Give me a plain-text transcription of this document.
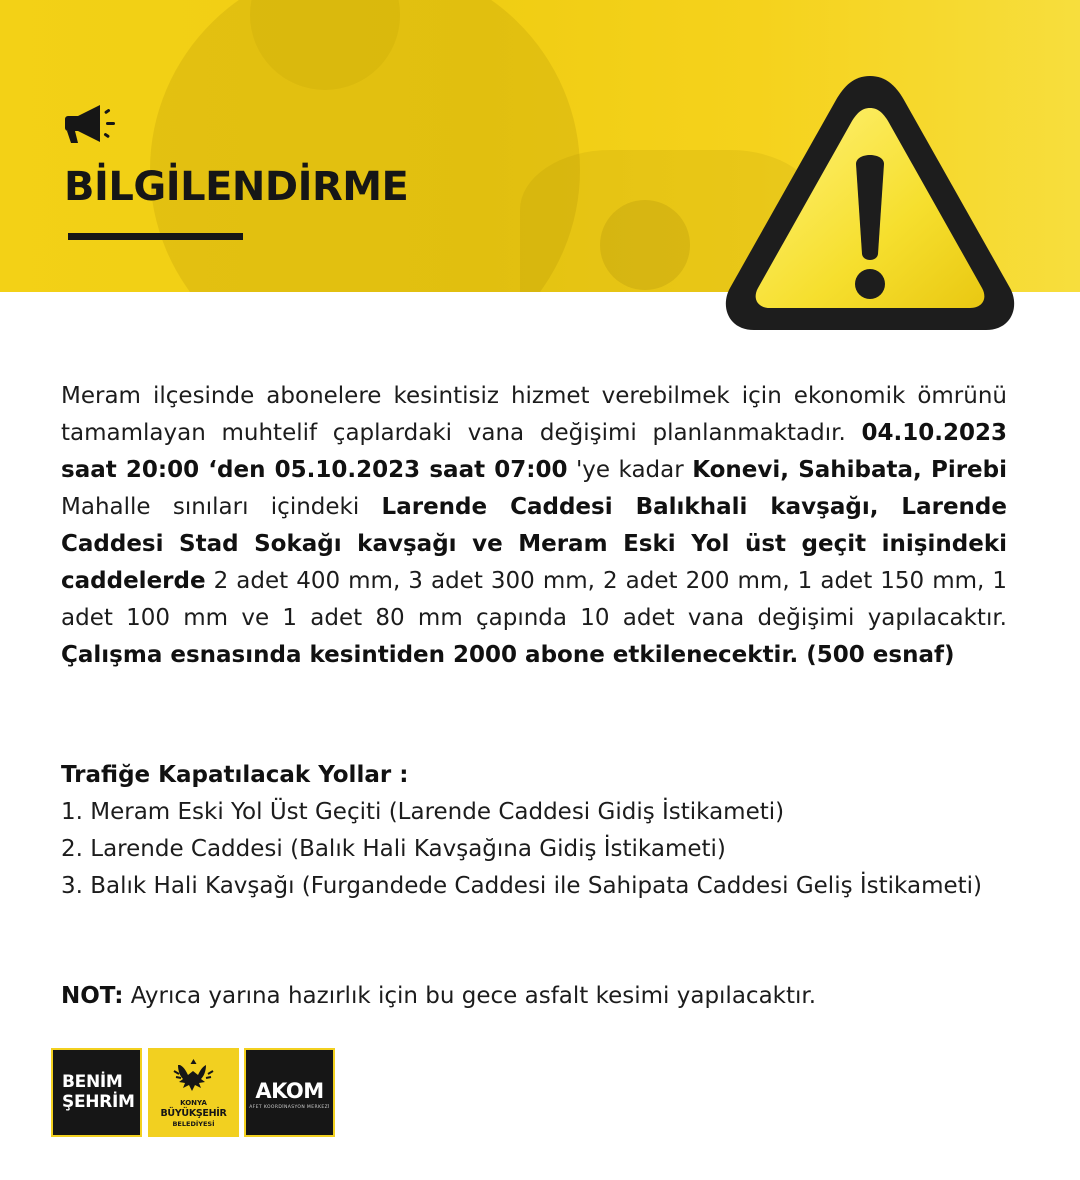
BİLGİLENDİRME

Meram ilçesinde abonelere kesintisiz hizmet verebilmek için ekonomik ömrünü tamamlayan muhtelif çaplardaki vana değişimi planlanmaktadır. 04.10.2023 saat 20:00 ‘den 05.10.2023 saat 07:00 'ye kadar Konevi, Sahibata, Pirebi Mahalle sınıları içindeki Larende Caddesi Balıkhali kavşağı, Larende Caddesi Stad Sokağı kavşağı ve Meram Eski Yol üst geçit inişindeki caddelerde 2 adet 400 mm, 3 adet 300 mm, 2 adet 200 mm, 1 adet 150 mm, 1 adet 100 mm ve 1 adet 80 mm çapında 10 adet vana değişimi yapılacaktır. Çalışma esnasında kesintiden 2000 abone etkilenecektir. (500 esnaf)

Trafiğe Kapatılacak Yollar :
1. Meram Eski Yol Üst Geçiti (Larende Caddesi Gidiş İstikameti)
2. Larende Caddesi (Balık Hali Kavşağına Gidiş İstikameti)
3. Balık Hali Kavşağı (Furgandede Caddesi ile Sahipata Caddesi Geliş İstikameti)
NOT: Ayrıca yarına hazırlık için bu gece asfalt kesimi yapılacaktır.
BENİM
ŞEHRİM	KONYA
BÜYÜKŞEHİR
BELEDİYESİ
AKOM
AFET KOORDİNASYON MERKEZİ
